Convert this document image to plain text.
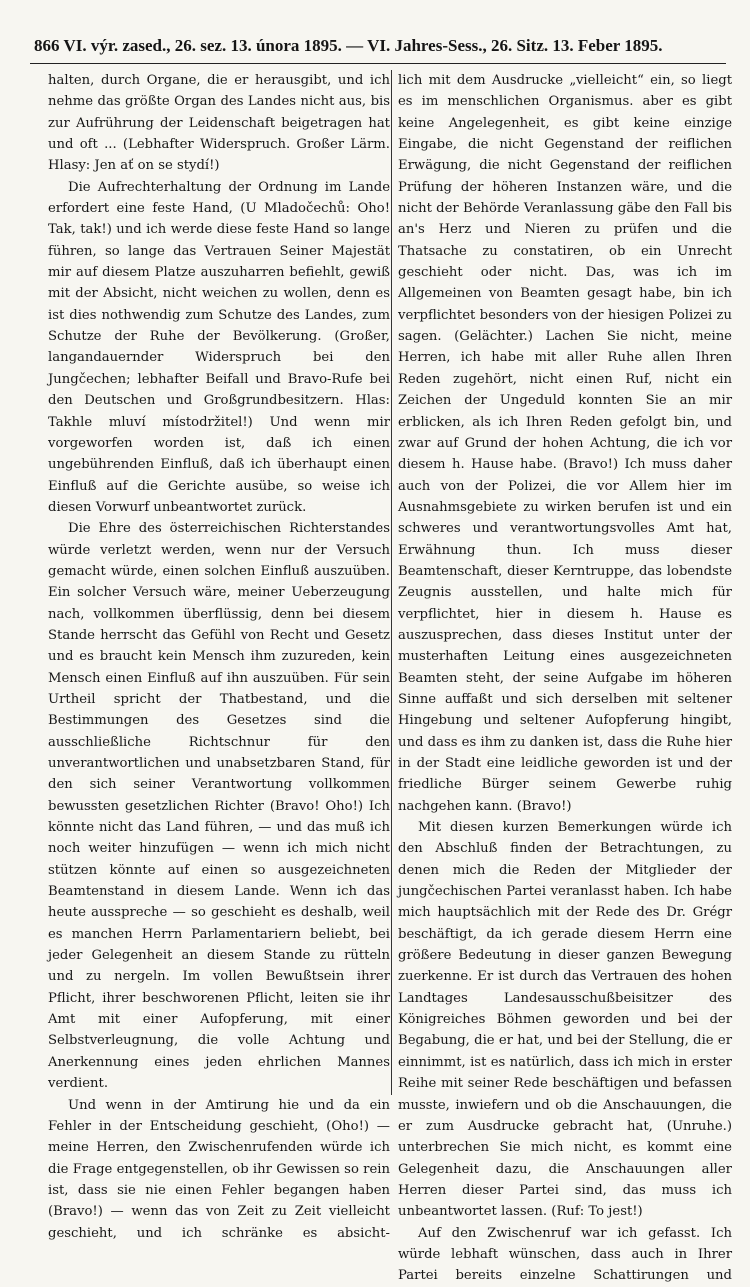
866 VI. výr. zased., 26. sez. 13. února 1895. — VI. Jahres-Sess., 26. Sitz. 13. Feber 1895.

halten, durch Organe, die er herausgibt, und ich nehme das größte Organ des Landes nicht aus, bis zur Aufrührung der Leidenschaft beigetragen hat und oft ... (Lebhafter Widerspruch. Großer Lärm. Hlasy: Jen ať on se stydí!)

Die Aufrechterhaltung der Ordnung im Lande erfordert eine feste Hand, (U Mladočechů: Oho! Tak, tak!) und ich werde diese feste Hand so lange führen, so lange das Vertrauen Seiner Majestät mir auf diesem Platze auszuharren befiehlt, gewiß mit der Absicht, nicht weichen zu wollen, denn es ist dies nothwendig zum Schutze des Landes, zum Schutze der Ruhe der Bevölkerung. (Großer, langandauernder Widerspruch bei den Jungčechen; lebhafter Beifall und Bravo-Rufe bei den Deutschen und Großgrundbesitzern. Hlas: Takhle mluví místodržitel!) Und wenn mir vorgeworfen worden ist, daß ich einen ungebührenden Einfluß, daß ich überhaupt einen Einfluß auf die Gerichte ausübe, so weise ich diesen Vorwurf unbeantwortet zurück.

Die Ehre des österreichischen Richterstandes würde verletzt werden, wenn nur der Versuch gemacht würde, einen solchen Einfluß auszuüben. Ein solcher Versuch wäre, meiner Ueberzeugung nach, vollkommen überflüssig, denn bei diesem Stande herrscht das Gefühl von Recht und Gesetz und es braucht kein Mensch ihm zuzureden, kein Mensch einen Einfluß auf ihn auszuüben. Für sein Urtheil spricht der Thatbestand, und die Bestimmungen des Gesetzes sind die ausschließliche Richtschnur für den unverantwortlichen und unabsetzbaren Stand, für den sich seiner Verantwortung vollkommen bewussten gesetzlichen Richter (Bravo! Oho!) Ich könnte nicht das Land führen, — und das muß ich noch weiter hinzufügen — wenn ich mich nicht stützen könnte auf einen so ausgezeichneten Beamtenstand in diesem Lande. Wenn ich das heute ausspreche — so geschieht es deshalb, weil es manchen Herrn Parlamentariern beliebt, bei jeder Gelegenheit an diesem Stande zu rütteln und zu nergeln. Im vollen Bewußtsein ihrer Pflicht, ihrer beschworenen Pflicht, leiten sie ihr Amt mit einer Aufopferung, mit einer Selbstverleugnung, die volle Achtung und Anerkennung eines jeden ehrlichen Mannes verdient.

Und wenn in der Amtirung hie und da ein Fehler in der Entscheidung geschieht, (Oho!) — meine Herren, den Zwischenrufenden würde ich die Frage entgegenstellen, ob ihr Gewissen so rein ist, dass sie nie einen Fehler begangen haben (Bravo!) — wenn das von Zeit zu Zeit vielleicht geschieht, und ich schränke es absicht-

lich mit dem Ausdrucke „vielleicht“ ein, so liegt es im menschlichen Organismus. aber es gibt keine Angelegenheit, es gibt keine einzige Eingabe, die nicht Gegenstand der reiflichen Erwägung, die nicht Gegenstand der reiflichen Prüfung der höheren Instanzen wäre, und die nicht der Behörde Veranlassung gäbe den Fall bis an's Herz und Nieren zu prüfen und die Thatsache zu constatiren, ob ein Unrecht geschieht oder nicht. Das, was ich im Allgemeinen von Beamten gesagt habe, bin ich verpflichtet besonders von der hiesigen Polizei zu sagen. (Gelächter.) Lachen Sie nicht, meine Herren, ich habe mit aller Ruhe allen Ihren Reden zugehört, nicht einen Ruf, nicht ein Zeichen der Ungeduld konnten Sie an mir erblicken, als ich Ihren Reden gefolgt bin, und zwar auf Grund der hohen Achtung, die ich vor diesem h. Hause habe. (Bravo!) Ich muss daher auch von der Polizei, die vor Allem hier im Ausnahmsgebiete zu wirken berufen ist und ein schweres und verantwortungsvolles Amt hat, Erwähnung thun. Ich muss dieser Beamtenschaft, dieser Kerntruppe, das lobendste Zeugnis ausstellen, und halte mich für verpflichtet, hier in diesem h. Hause es auszusprechen, dass dieses Institut unter der musterhaften Leitung eines ausgezeichneten Beamten steht, der seine Aufgabe im höheren Sinne auffaßt und sich derselben mit seltener Hingebung und seltener Aufopferung hingibt, und dass es ihm zu danken ist, dass die Ruhe hier in der Stadt eine leidliche geworden ist und der friedliche Bürger seinem Gewerbe ruhig nachgehen kann. (Bravo!)

Mit diesen kurzen Bemerkungen würde ich den Abschluß finden der Betrachtungen, zu denen mich die Reden der Mitglieder der jungčechischen Partei veranlasst haben. Ich habe mich hauptsächlich mit der Rede des Dr. Grégr beschäftigt, da ich gerade diesem Herrn eine größere Bedeutung in dieser ganzen Bewegung zuerkenne. Er ist durch das Vertrauen des hohen Landtages Landesausschußbeisitzer des Königreiches Böhmen geworden und bei der Begabung, die er hat, und bei der Stellung, die er einnimmt, ist es natürlich, dass ich mich in erster Reihe mit seiner Rede beschäftigen und befassen musste, inwiefern und ob die Anschauungen, die er zum Ausdrucke gebracht hat, (Unruhe.) unterbrechen Sie mich nicht, es kommt eine Gelegenheit dazu, die Anschauungen aller Herren dieser Partei sind, das muss ich unbeantwortet lassen. (Ruf: To jest!)

Auf den Zwischenruf war ich gefasst. Ich würde lebhaft wünschen, dass auch in Ihrer Partei bereits einzelne Schattirungen und
